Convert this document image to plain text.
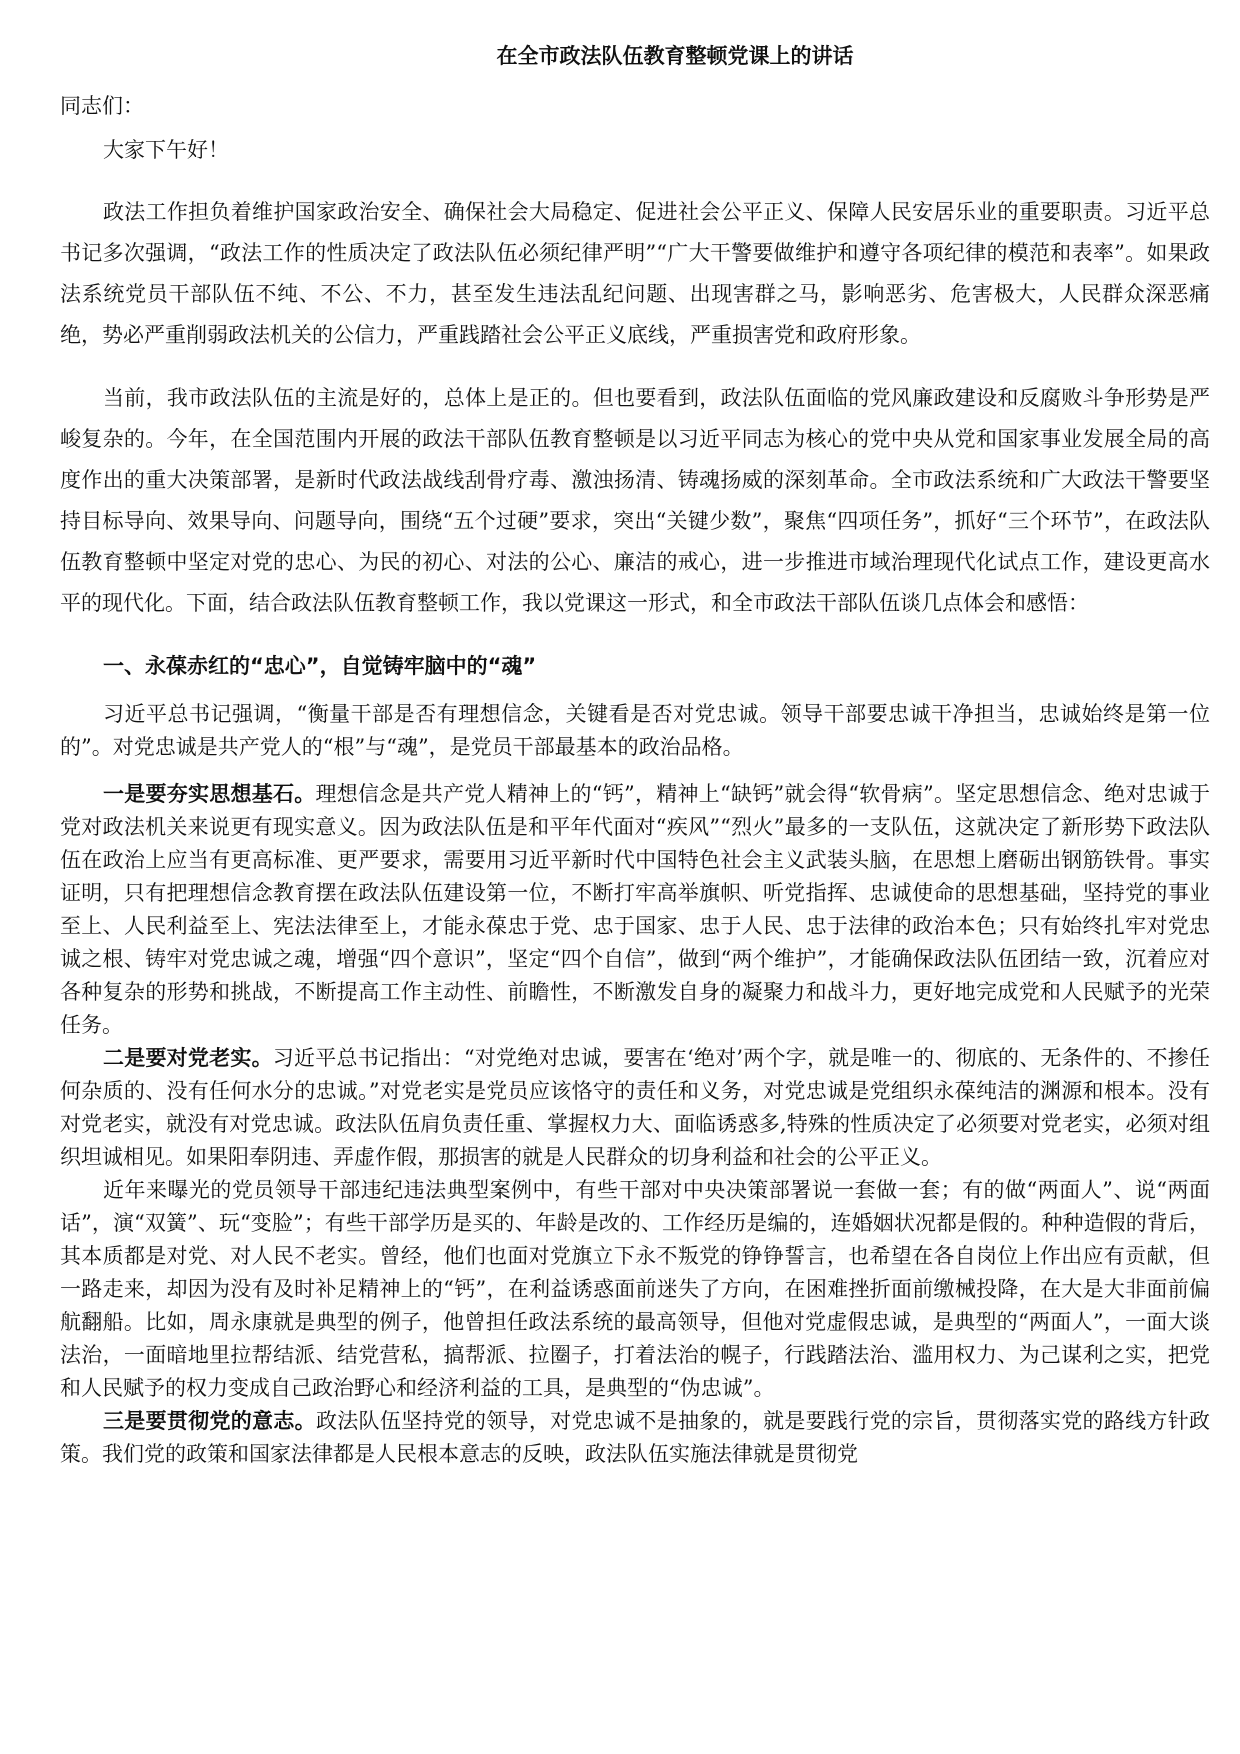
在全市政法队伍教育整顿党课上的讲话
同志们：
大家下午好！

政法工作担负着维护国家政治安全、确保社会大局稳定、促进社会公平正义、保障人民安居乐业的重要职责。习近平总书记多次强调，“政法工作的性质决定了政法队伍必须纪律严明”“广大干警要做维护和遵守各项纪律的模范和表率”。如果政法系统党员干部队伍不纯、不公、不力，甚至发生违法乱纪问题、出现害群之马，影响恶劣、危害极大，人民群众深恶痛绝，势必严重削弱政法机关的公信力，严重践踏社会公平正义底线，严重损害党和政府形象。

当前，我市政法队伍的主流是好的，总体上是正的。但也要看到，政法队伍面临的党风廉政建设和反腐败斗争形势是严峻复杂的。今年，在全国范围内开展的政法干部队伍教育整顿是以习近平同志为核心的党中央从党和国家事业发展全局的高度作出的重大决策部署，是新时代政法战线刮骨疗毒、激浊扬清、铸魂扬威的深刻革命。全市政法系统和广大政法干警要坚持目标导向、效果导向、问题导向，围绕“五个过硬”要求，突出“关键少数”，聚焦“四项任务”，抓好“三个环节”，在政法队伍教育整顿中坚定对党的忠心、为民的初心、对法的公心、廉洁的戒心，进一步推进市域治理现代化试点工作，建设更高水平的现代化。下面，结合政法队伍教育整顿工作，我以党课这一形式，和全市政法干部队伍谈几点体会和感悟：

一、永葆赤红的“忠心”，自觉铸牢脑中的“魂”

习近平总书记强调，“衡量干部是否有理想信念，关键看是否对党忠诚。领导干部要忠诚干净担当，忠诚始终是第一位的”。对党忠诚是共产党人的“根”与“魂”，是党员干部最基本的政治品格。

一是要夯实思想基石。理想信念是共产党人精神上的“钙”，精神上“缺钙”就会得“软骨病”。坚定思想信念、绝对忠诚于党对政法机关来说更有现实意义。因为政法队伍是和平年代面对“疾风”“烈火”最多的一支队伍，这就决定了新形势下政法队伍在政治上应当有更高标准、更严要求，需要用习近平新时代中国特色社会主义武装头脑，在思想上磨砺出钢筋铁骨。事实证明，只有把理想信念教育摆在政法队伍建设第一位，不断打牢高举旗帜、听党指挥、忠诚使命的思想基础，坚持党的事业至上、人民利益至上、宪法法律至上，才能永葆忠于党、忠于国家、忠于人民、忠于法律的政治本色；只有始终扎牢对党忠诚之根、铸牢对党忠诚之魂，增强“四个意识”，坚定“四个自信”，做到“两个维护”，才能确保政法队伍团结一致，沉着应对各种复杂的形势和挑战，不断提高工作主动性、前瞻性，不断激发自身的凝聚力和战斗力，更好地完成党和人民赋予的光荣任务。

二是要对党老实。习近平总书记指出：“对党绝对忠诚，要害在‘绝对’两个字，就是唯一的、彻底的、无条件的、不掺任何杂质的、没有任何水分的忠诚。”对党老实是党员应该恪守的责任和义务，对党忠诚是党组织永葆纯洁的渊源和根本。没有对党老实，就没有对党忠诚。政法队伍肩负责任重、掌握权力大、面临诱惑多,特殊的性质决定了必须要对党老实，必须对组织坦诚相见。如果阳奉阴违、弄虚作假，那损害的就是人民群众的切身利益和社会的公平正义。

近年来曝光的党员领导干部违纪违法典型案例中，有些干部对中央决策部署说一套做一套；有的做“两面人”、说“两面话”，演“双簧”、玩“变脸”；有些干部学历是买的、年龄是改的、工作经历是编的，连婚姻状况都是假的。种种造假的背后，其本质都是对党、对人民不老实。曾经，他们也面对党旗立下永不叛党的铮铮誓言，也希望在各自岗位上作出应有贡献，但一路走来，却因为没有及时补足精神上的“钙”，在利益诱惑面前迷失了方向，在困难挫折面前缴械投降，在大是大非面前偏航翻船。比如，周永康就是典型的例子，他曾担任政法系统的最高领导，但他对党虚假忠诚，是典型的“两面人”，一面大谈法治，一面暗地里拉帮结派、结党营私，搞帮派、拉圈子，打着法治的幌子，行践踏法治、滥用权力、为己谋利之实，把党和人民赋予的权力变成自己政治野心和经济利益的工具，是典型的“伪忠诚”。

三是要贯彻党的意志。政法队伍坚持党的领导，对党忠诚不是抽象的，就是要践行党的宗旨，贯彻落实党的路线方针政策。我们党的政策和国家法律都是人民根本意志的反映，政法队伍实施法律就是贯彻党
